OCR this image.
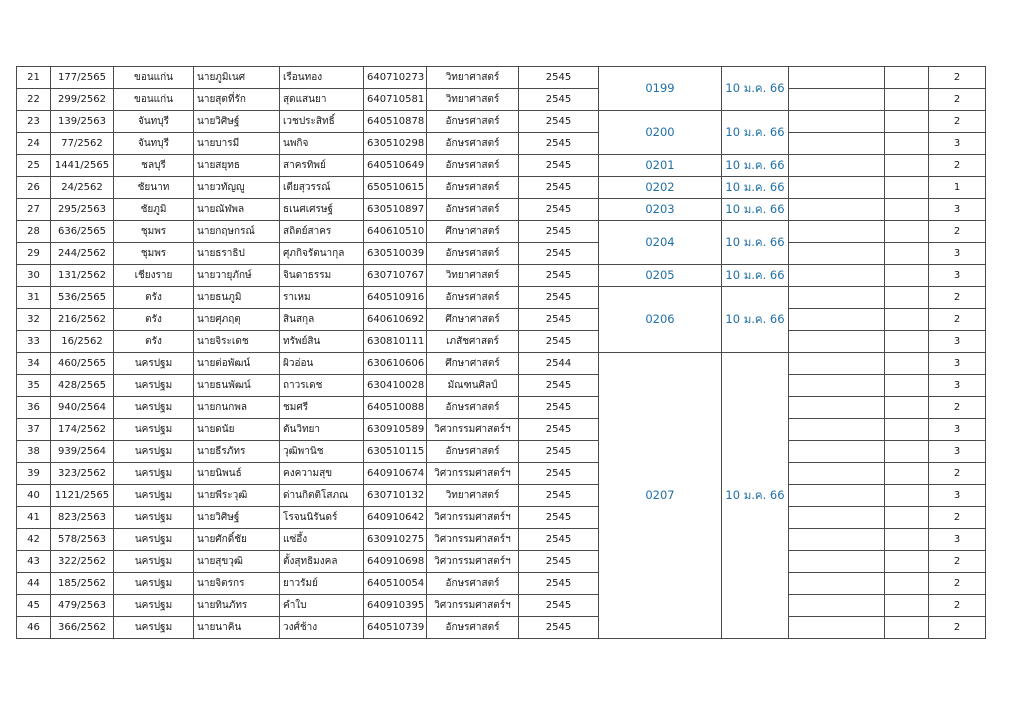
21	177/2565	ขอนแก่น	นายภูมิเนศ	เรือนทอง	640710273	วิทยาศาสตร์	2545	0199	10 ม.ค. 66			2
22	299/2562	ขอนแก่น	นายสุตที่รัก	สุดแสนยา	640710581	วิทยาศาสตร์	2545					2
23	139/2563	จันทบุรี	นายวิศิษฐ์	เวชประสิทธิ์	640510878	อักษรศาสตร์	2545	0200	10 ม.ค. 66			2
24	77/2562	จันทบุรี	นายบารมี	นพกิจ	630510298	อักษรศาสตร์	2545					3
25	1441/2565	ชลบุรี	นายสยุทธ	สาครทิพย์	640510649	อักษรศาสตร์	2545	0201	10 ม.ค. 66			2
26	24/2562	ชัยนาท	นายวทัญญู	เตียสุวรรณ์	650510615	อักษรศาสตร์	2545	0202	10 ม.ค. 66			1
27	295/2563	ชัยภูมิ	นายณัฬพล	ธเนศเศรษฐ์	630510897	อักษรศาสตร์	2545	0203	10 ม.ค. 66			3
28	636/2565	ชุมพร	นายกฤษกรณ์	สถิตย์สาคร	640610510	ศึกษาศาสตร์	2545	0204	10 ม.ค. 66			2
29	244/2562	ชุมพร	นายธราธิป	ศุภกิจรัตนากุล	630510039	อักษรศาสตร์	2545					3
30	131/2562	เชียงราย	นายวายุภักษ์	จินดาธรรม	630710767	วิทยาศาสตร์	2545	0205	10 ม.ค. 66			3
31	536/2565	ตรัง	นายธนภูมิ	ราเหม	640510916	อักษรศาสตร์	2545	0206	10 ม.ค. 66			2
32	216/2562	ตรัง	นายศุภฤตุ	สินสกุล	640610692	ศึกษาศาสตร์	2545					2
33	16/2562	ตรัง	นายจิระเดช	ทรัพย์สิน	630810111	เภสัชศาสตร์	2545					3
34	460/2565	นครปฐม	นายต่อพัฒน์	ผิวอ่อน	630610606	ศึกษาศาสตร์	2544	0207	10 ม.ค. 66			3
35	428/2565	นครปฐม	นายธนพัฒน์	ถาวรเดช	630410028	มัณฑนศิลป์	2545					3
36	940/2564	นครปฐม	นายกนกพล	ชมศรี	640510088	อักษรศาสตร์	2545					2
37	174/2562	นครปฐม	นายดนัย	ตันวิทยา	630910589	วิศวกรรมศาสตร์ฯ	2545					3
38	939/2564	นครปฐม	นายธีรภัทร	วุฒิพานิช	630510115	อักษรศาสตร์	2545					3
39	323/2562	นครปฐม	นายนิพนธ์	คงความสุข	640910674	วิศวกรรมศาสตร์ฯ	2545					2
40	1121/2565	นครปฐม	นายพีระวุฒิ	ด่านกิตติโสภณ	630710132	วิทยาศาสตร์	2545					3
41	823/2563	นครปฐม	นายวิศิษฐ์	โรจนนิรันดร์	640910642	วิศวกรรมศาสตร์ฯ	2545					2
42	578/2563	นครปฐม	นายศักดิ์ชัย	แซ่อึ้ง	630910275	วิศวกรรมศาสตร์ฯ	2545					3
43	322/2562	นครปฐม	นายสุขวุฒิ	ตั้งสุทธิมงคล	640910698	วิศวกรรมศาสตร์ฯ	2545					2
44	185/2562	นครปฐม	นายจิตรกร	ยาวรัมย์	640510054	อักษรศาสตร์	2545					2
45	479/2563	นครปฐม	นายทินภัทร	คำใบ	640910395	วิศวกรรมศาสตร์ฯ	2545					2
46	366/2562	นครปฐม	นายนาคิน	วงศ์ช้าง	640510739	อักษรศาสตร์	2545					2
